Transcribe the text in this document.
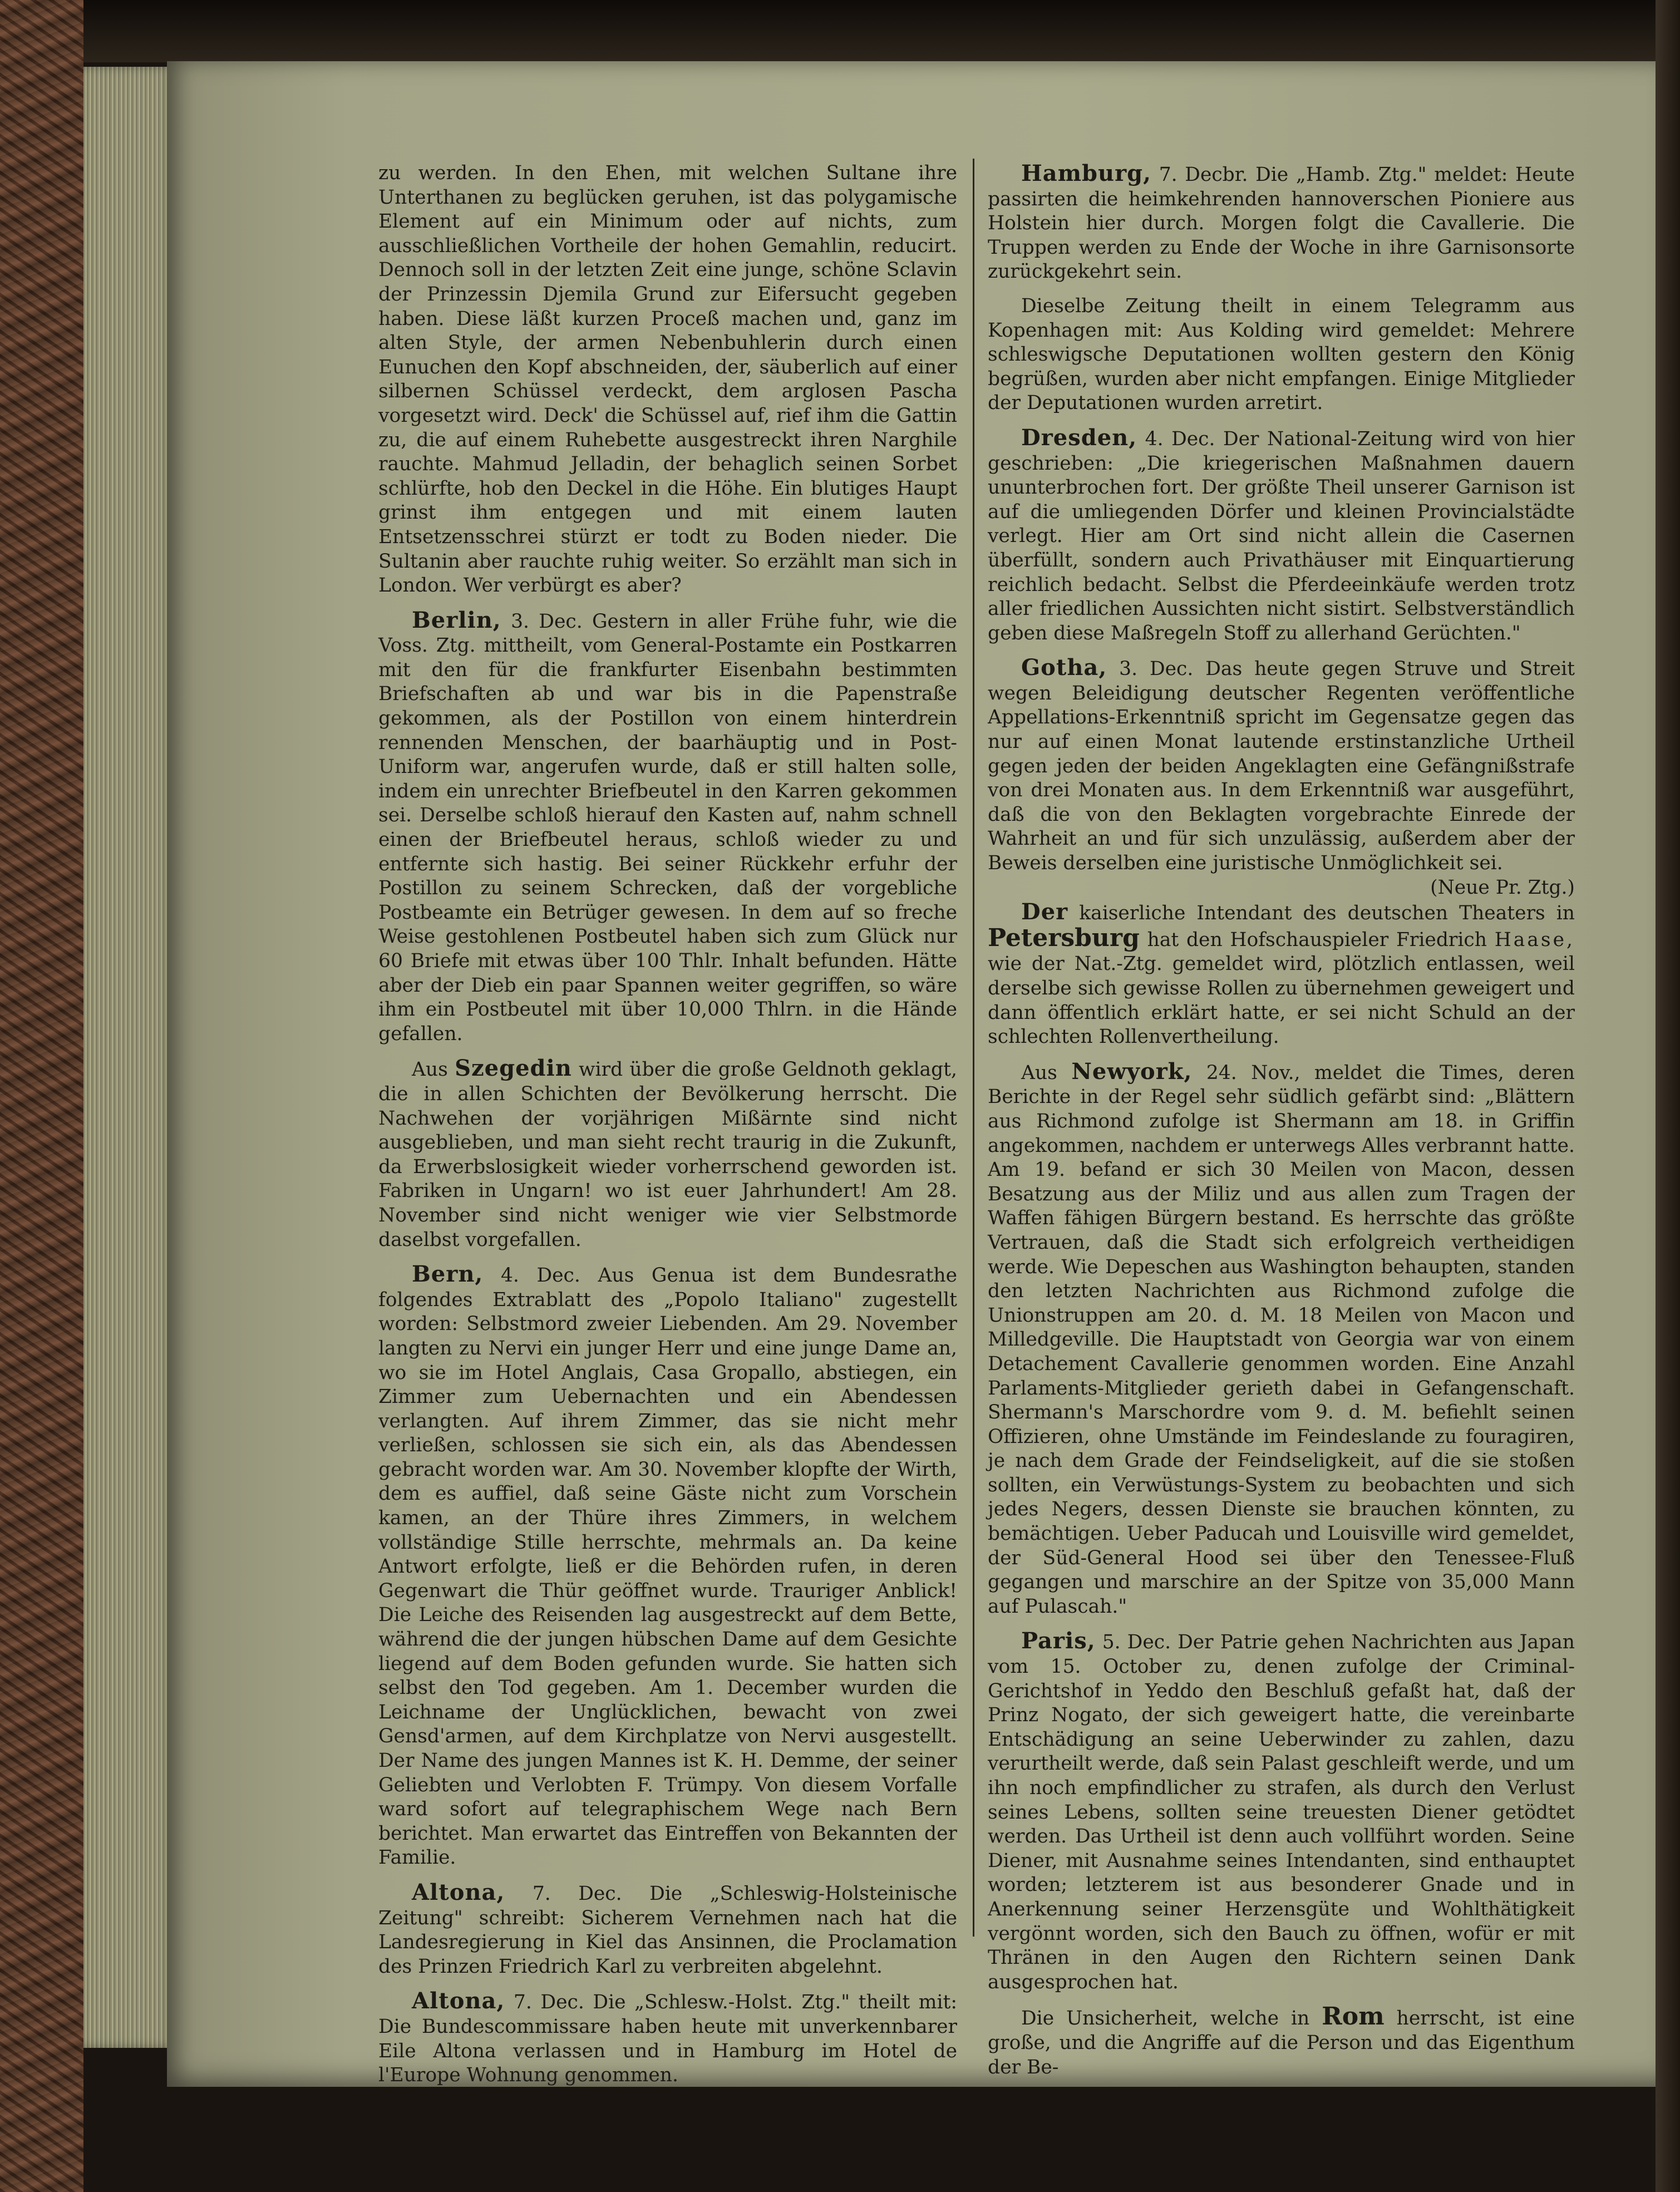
zu werden. In den Ehen, mit welchen Sultane ihre Unterthanen zu beglücken geruhen, ist das polygamische Element auf ein Minimum oder auf nichts, zum ausschließlichen Vortheile der hohen Gemahlin, reducirt. Dennoch soll in der letzten Zeit eine junge, schöne Sclavin der Prinzessin Djemila Grund zur Eifersucht gegeben haben. Diese läßt kurzen Proceß machen und, ganz im alten Style, der armen Nebenbuhlerin durch einen Eunuchen den Kopf abschneiden, der, säuberlich auf einer silbernen Schüssel verdeckt, dem arglosen Pascha vorgesetzt wird. Deck' die Schüssel auf, rief ihm die Gattin zu, die auf einem Ruhebette ausgestreckt ihren Narghile rauchte. Mahmud Jelladin, der behaglich seinen Sorbet schlürfte, hob den Deckel in die Höhe. Ein blutiges Haupt grinst ihm entgegen und mit einem lauten Entsetzensschrei stürzt er todt zu Boden nieder. Die Sultanin aber rauchte ruhig weiter. So erzählt man sich in London. Wer verbürgt es aber?

Berlin, 3. Dec. Gestern in aller Frühe fuhr, wie die Voss. Ztg. mittheilt, vom General-Postamte ein Postkarren mit den für die frankfurter Eisenbahn bestimmten Briefschaften ab und war bis in die Papenstraße gekommen, als der Postillon von einem hinterdrein rennenden Menschen, der baarhäuptig und in Post-Uniform war, angerufen wurde, daß er still halten solle, indem ein unrechter Briefbeutel in den Karren gekommen sei. Derselbe schloß hierauf den Kasten auf, nahm schnell einen der Briefbeutel heraus, schloß wieder zu und entfernte sich hastig. Bei seiner Rückkehr erfuhr der Postillon zu seinem Schrecken, daß der vorgebliche Postbeamte ein Betrüger gewesen. In dem auf so freche Weise gestohlenen Postbeutel haben sich zum Glück nur 60 Briefe mit etwas über 100 Thlr. Inhalt befunden. Hätte aber der Dieb ein paar Spannen weiter gegriffen, so wäre ihm ein Postbeutel mit über 10,000 Thlrn. in die Hände gefallen.

Aus Szegedin wird über die große Geldnoth geklagt, die in allen Schichten der Bevölkerung herrscht. Die Nachwehen der vorjährigen Mißärnte sind nicht ausgeblieben, und man sieht recht traurig in die Zukunft, da Erwerbslosigkeit wieder vorherrschend geworden ist. Fabriken in Ungarn! wo ist euer Jahrhundert! Am 28. November sind nicht weniger wie vier Selbstmorde daselbst vorgefallen.

Bern, 4. Dec. Aus Genua ist dem Bundesrathe folgendes Extrablatt des „Popolo Italiano" zugestellt worden: Selbstmord zweier Liebenden. Am 29. November langten zu Nervi ein junger Herr und eine junge Dame an, wo sie im Hotel Anglais, Casa Gropallo, abstiegen, ein Zimmer zum Uebernachten und ein Abendessen verlangten. Auf ihrem Zimmer, das sie nicht mehr verließen, schlossen sie sich ein, als das Abendessen gebracht worden war. Am 30. November klopfte der Wirth, dem es auffiel, daß seine Gäste nicht zum Vorschein kamen, an der Thüre ihres Zimmers, in welchem vollständige Stille herrschte, mehrmals an. Da keine Antwort erfolgte, ließ er die Behörden rufen, in deren Gegenwart die Thür geöffnet wurde. Trauriger Anblick! Die Leiche des Reisenden lag ausgestreckt auf dem Bette, während die der jungen hübschen Dame auf dem Gesichte liegend auf dem Boden gefunden wurde. Sie hatten sich selbst den Tod gegeben. Am 1. December wurden die Leichname der Unglücklichen, bewacht von zwei Gensd'armen, auf dem Kirchplatze von Nervi ausgestellt. Der Name des jungen Mannes ist K. H. Demme, der seiner Geliebten und Verlobten F. Trümpy. Von diesem Vorfalle ward sofort auf telegraphischem Wege nach Bern berichtet. Man erwartet das Eintreffen von Bekannten der Familie.

Altona, 7. Dec. Die „Schleswig-Holsteinische Zeitung" schreibt: Sicherem Vernehmen nach hat die Landesregierung in Kiel das Ansinnen, die Proclamation des Prinzen Friedrich Karl zu verbreiten abgelehnt.

Altona, 7. Dec. Die „Schlesw.-Holst. Ztg." theilt mit: Die Bundescommissare haben heute mit unverkennbarer Eile Altona verlassen und in Hamburg im Hotel de l'Europe Wohnung genommen.

Hamburg, 7. Decbr. Die „Hamb. Ztg." meldet: Heute passirten die heimkehrenden hannoverschen Pioniere aus Holstein hier durch. Morgen folgt die Cavallerie. Die Truppen werden zu Ende der Woche in ihre Garnisonsorte zurückgekehrt sein.

Dieselbe Zeitung theilt in einem Telegramm aus Kopenhagen mit: Aus Kolding wird gemeldet: Mehrere schleswigsche Deputationen wollten gestern den König begrüßen, wurden aber nicht empfangen. Einige Mitglieder der Deputationen wurden arretirt.

Dresden, 4. Dec. Der National-Zeitung wird von hier geschrieben: „Die kriegerischen Maßnahmen dauern ununterbrochen fort. Der größte Theil unserer Garnison ist auf die umliegenden Dörfer und kleinen Provincialstädte verlegt. Hier am Ort sind nicht allein die Casernen überfüllt, sondern auch Privathäuser mit Einquartierung reichlich bedacht. Selbst die Pferdeeinkäufe werden trotz aller friedlichen Aussichten nicht sistirt. Selbstverständlich geben diese Maßregeln Stoff zu allerhand Gerüchten."

Gotha, 3. Dec. Das heute gegen Struve und Streit wegen Beleidigung deutscher Regenten veröffentliche Appellations-Erkenntniß spricht im Gegensatze gegen das nur auf einen Monat lautende erstinstanzliche Urtheil gegen jeden der beiden Angeklagten eine Gefängnißstrafe von drei Monaten aus. In dem Erkenntniß war ausgeführt, daß die von den Beklagten vorgebrachte Einrede der Wahrheit an und für sich unzulässig, außerdem aber der Beweis derselben eine juristische Unmöglichkeit sei.
(Neue Pr. Ztg.)

Der kaiserliche Intendant des deutschen Theaters in Petersburg hat den Hofschauspieler Friedrich Haase, wie der Nat.-Ztg. gemeldet wird, plötzlich entlassen, weil derselbe sich gewisse Rollen zu übernehmen geweigert und dann öffentlich erklärt hatte, er sei nicht Schuld an der schlechten Rollenvertheilung.

Aus Newyork, 24. Nov., meldet die Times, deren Berichte in der Regel sehr südlich gefärbt sind: „Blättern aus Richmond zufolge ist Shermann am 18. in Griffin angekommen, nachdem er unterwegs Alles verbrannt hatte. Am 19. befand er sich 30 Meilen von Macon, dessen Besatzung aus der Miliz und aus allen zum Tragen der Waffen fähigen Bürgern bestand. Es herrschte das größte Vertrauen, daß die Stadt sich erfolgreich vertheidigen werde. Wie Depeschen aus Washington behaupten, standen den letzten Nachrichten aus Richmond zufolge die Unionstruppen am 20. d. M. 18 Meilen von Macon und Milledgeville. Die Hauptstadt von Georgia war von einem Detachement Cavallerie genommen worden. Eine Anzahl Parlaments-Mitglieder gerieth dabei in Gefangenschaft. Shermann's Marschordre vom 9. d. M. befiehlt seinen Offizieren, ohne Umstände im Feindeslande zu fouragiren, je nach dem Grade der Feindseligkeit, auf die sie stoßen sollten, ein Verwüstungs-System zu beobachten und sich jedes Negers, dessen Dienste sie brauchen könnten, zu bemächtigen. Ueber Paducah und Louisville wird gemeldet, der Süd-General Hood sei über den Tenessee-Fluß gegangen und marschire an der Spitze von 35,000 Mann auf Pulascah."

Paris, 5. Dec. Der Patrie gehen Nachrichten aus Japan vom 15. October zu, denen zufolge der Criminal-Gerichtshof in Yeddo den Beschluß gefaßt hat, daß der Prinz Nogato, der sich geweigert hatte, die vereinbarte Entschädigung an seine Ueberwinder zu zahlen, dazu verurtheilt werde, daß sein Palast geschleift werde, und um ihn noch empfindlicher zu strafen, als durch den Verlust seines Lebens, sollten seine treuesten Diener getödtet werden. Das Urtheil ist denn auch vollführt worden. Seine Diener, mit Ausnahme seines Intendanten, sind enthauptet worden; letzterem ist aus besonderer Gnade und in Anerkennung seiner Herzensgüte und Wohlthätigkeit vergönnt worden, sich den Bauch zu öffnen, wofür er mit Thränen in den Augen den Richtern seinen Dank ausgesprochen hat.

Die Unsicherheit, welche in Rom herrscht, ist eine große, und die Angriffe auf die Person und das Eigenthum der Be-
